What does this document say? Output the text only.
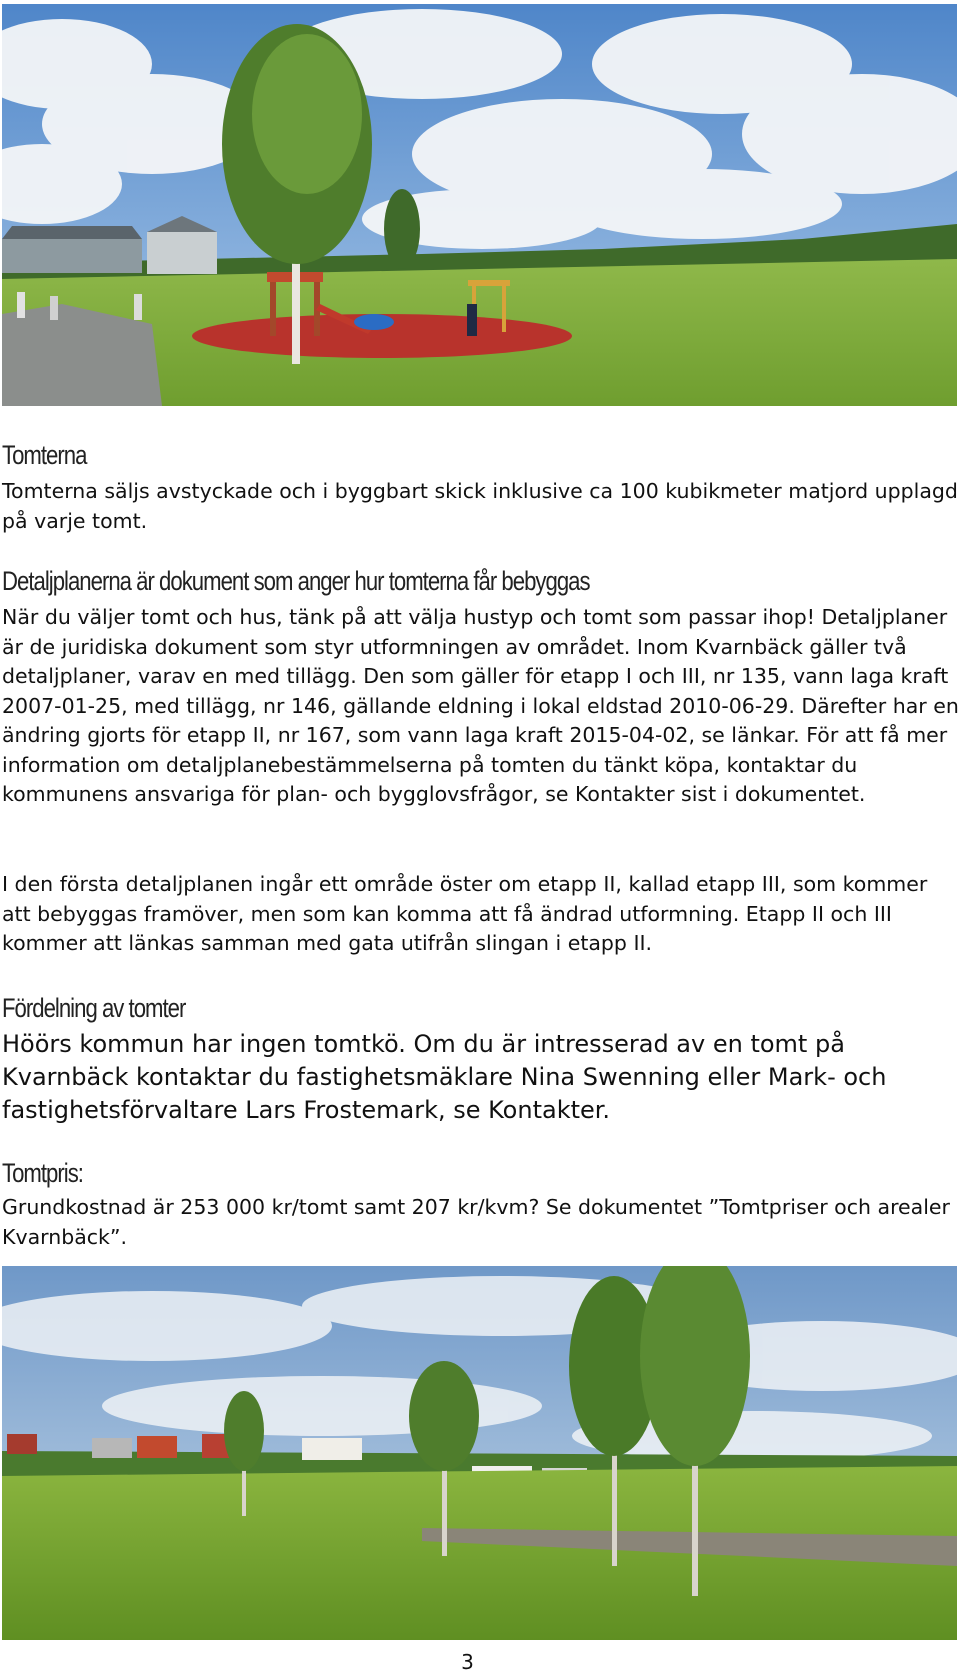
Tomterna

Tomterna säljs avstyckade och i byggbart skick inklusive ca 100 kubikmeter matjord upplagd på varje tomt.

Detaljplanerna är dokument som anger hur tomterna får bebyggas

När du väljer tomt och hus, tänk på att välja hustyp och tomt som passar ihop! Detaljplaner är de juridiska dokument som styr utformningen av området. Inom Kvarnbäck gäller två detaljplaner, varav en med tillägg. Den som gäller för etapp I och III, nr 135, vann laga kraft 2007-01-25, med tillägg, nr 146, gällande eldning i lokal eldstad 2010-06-29. Därefter har en ändring gjorts för etapp II, nr 167, som vann laga kraft 2015-04-02, se länkar. För att få mer information om detaljplanebestämmelserna på tomten du tänkt köpa, kontaktar du kommunens ansvariga för plan- och bygglovsfrågor, se Kontakter sist i dokumentet.

I den första detaljplanen ingår ett område öster om etapp II, kallad etapp III, som kommer att bebyggas framöver, men som kan komma att få ändrad utformning. Etapp II och III kommer att länkas samman med gata utifrån slingan i etapp II.

Fördelning av tomter

Höörs kommun har ingen tomtkö. Om du är intresserad av en tomt på Kvarnbäck kontaktar du fastighetsmäklare Nina Swenning eller Mark- och fastighetsförvaltare Lars Frostemark, se Kontakter.

Tomtpris:

Grundkostnad är 253 000 kr/tomt samt 207 kr/kvm? Se dokumentet ”Tomtpriser och arealer Kvarnbäck”.

3
